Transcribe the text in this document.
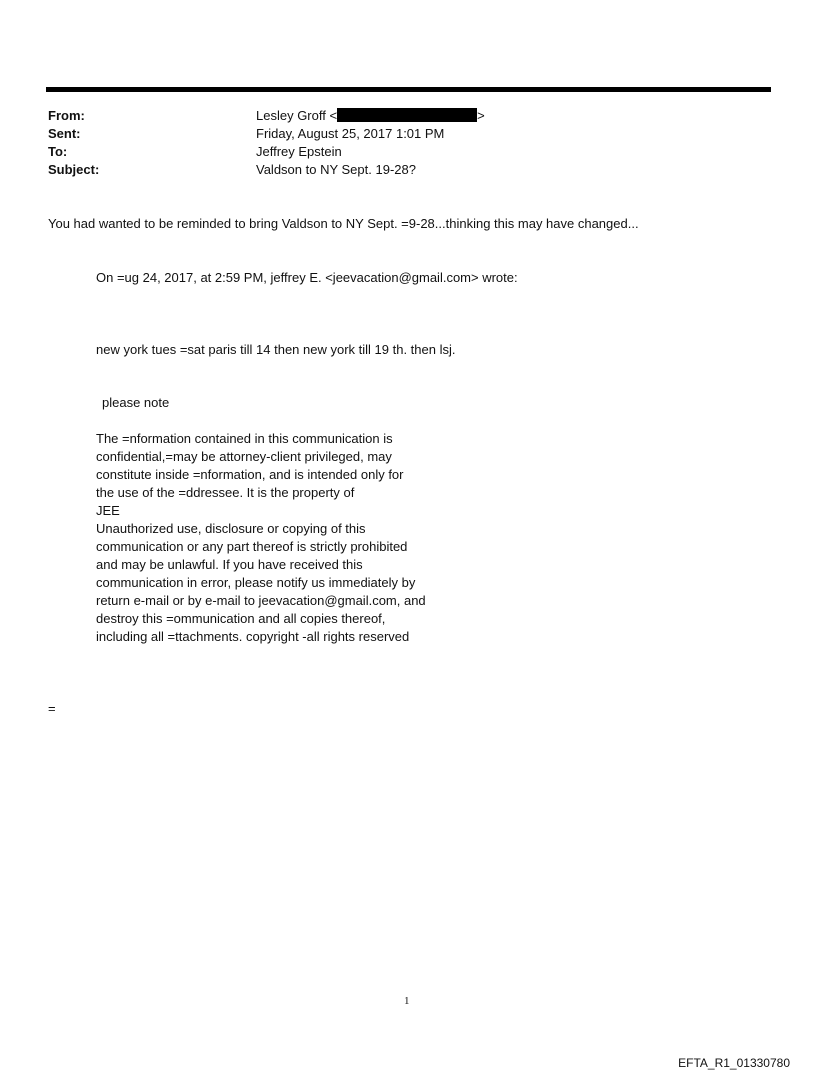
From:	Lesley Groff <	>
Sent:	Friday, August 25, 2017 1:01 PM
To:	Jeffrey Epstein
Subject:	Valdson to NY Sept. 19-28?
You had wanted to be reminded to bring Valdson to NY Sept. =9-28...thinking this may have changed...
On =ug 24, 2017, at 2:59 PM, jeffrey E. <jeevacation@gmail.com> wrote:
new york tues =sat paris till 14 then new york till 19 th. then lsj.
please note
The =nformation contained in this communication is
confidential,=may be attorney-client privileged, may
constitute inside =nformation, and is intended only for
the use of the =ddressee. It is the property of
JEE
Unauthorized use, disclosure or copying of this
communication or any part thereof is strictly prohibited
and may be unlawful. If you have received this
communication in error, please notify us immediately by
return e-mail or by e-mail to jeevacation@gmail.com, and
destroy this =ommunication and all copies thereof,
including all =ttachments. copyright -all rights reserved
=
1
EFTA_R1_01330780
